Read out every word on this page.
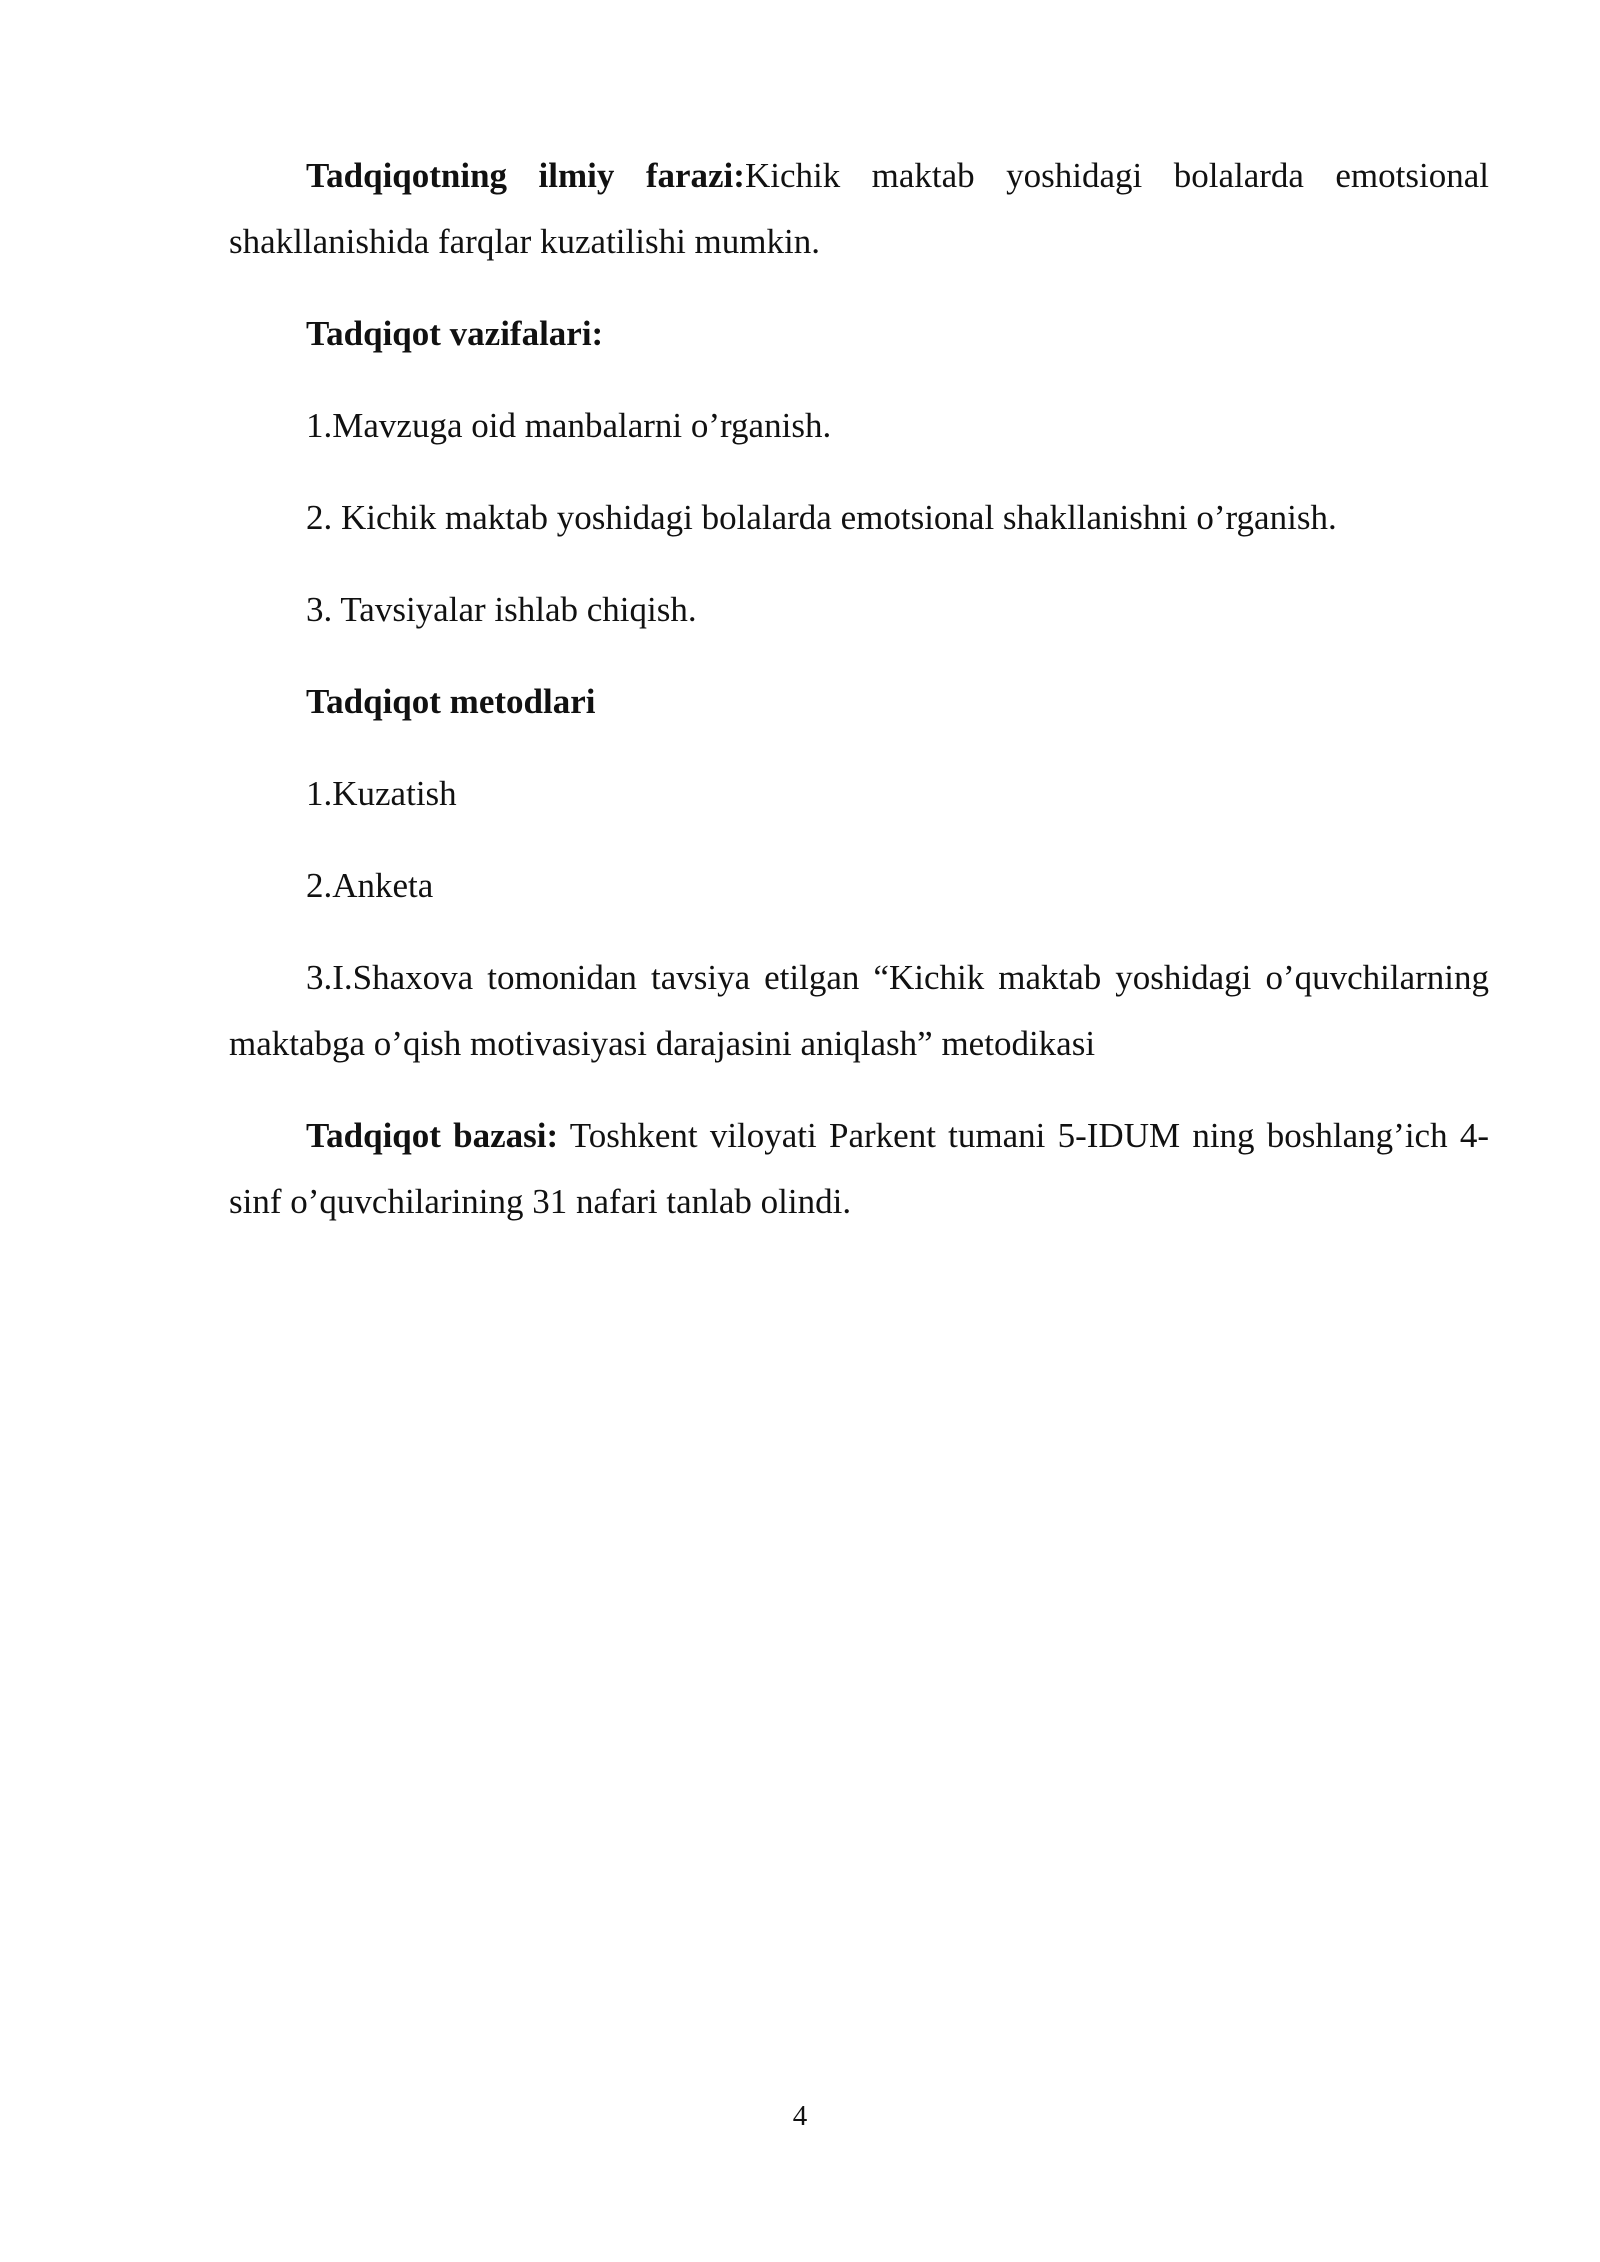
Tadqiqotning ilmiy farazi:Kichik maktab yoshidagi bolalarda emotsional shakllanishida farqlar kuzatilishi mumkin.

Tadqiqot vazifalari:

1.Mavzuga oid manbalarni o’rganish.

2. Kichik maktab yoshidagi bolalarda emotsional shakllanishni o’rganish.

3. Tavsiyalar ishlab chiqish.

Tadqiqot metodlari

1.Kuzatish

2.Anketa

3.I.Shaxova tomonidan tavsiya etilgan “Kichik maktab yoshidagi o’quvchilarning maktabga o’qish motivasiyasi darajasini aniqlash” metodikasi

Tadqiqot bazasi: Toshkent viloyati Parkent tumani 5-IDUM ning boshlang’ich 4-sinf o’quvchilarining 31 nafari tanlab olindi.

4
